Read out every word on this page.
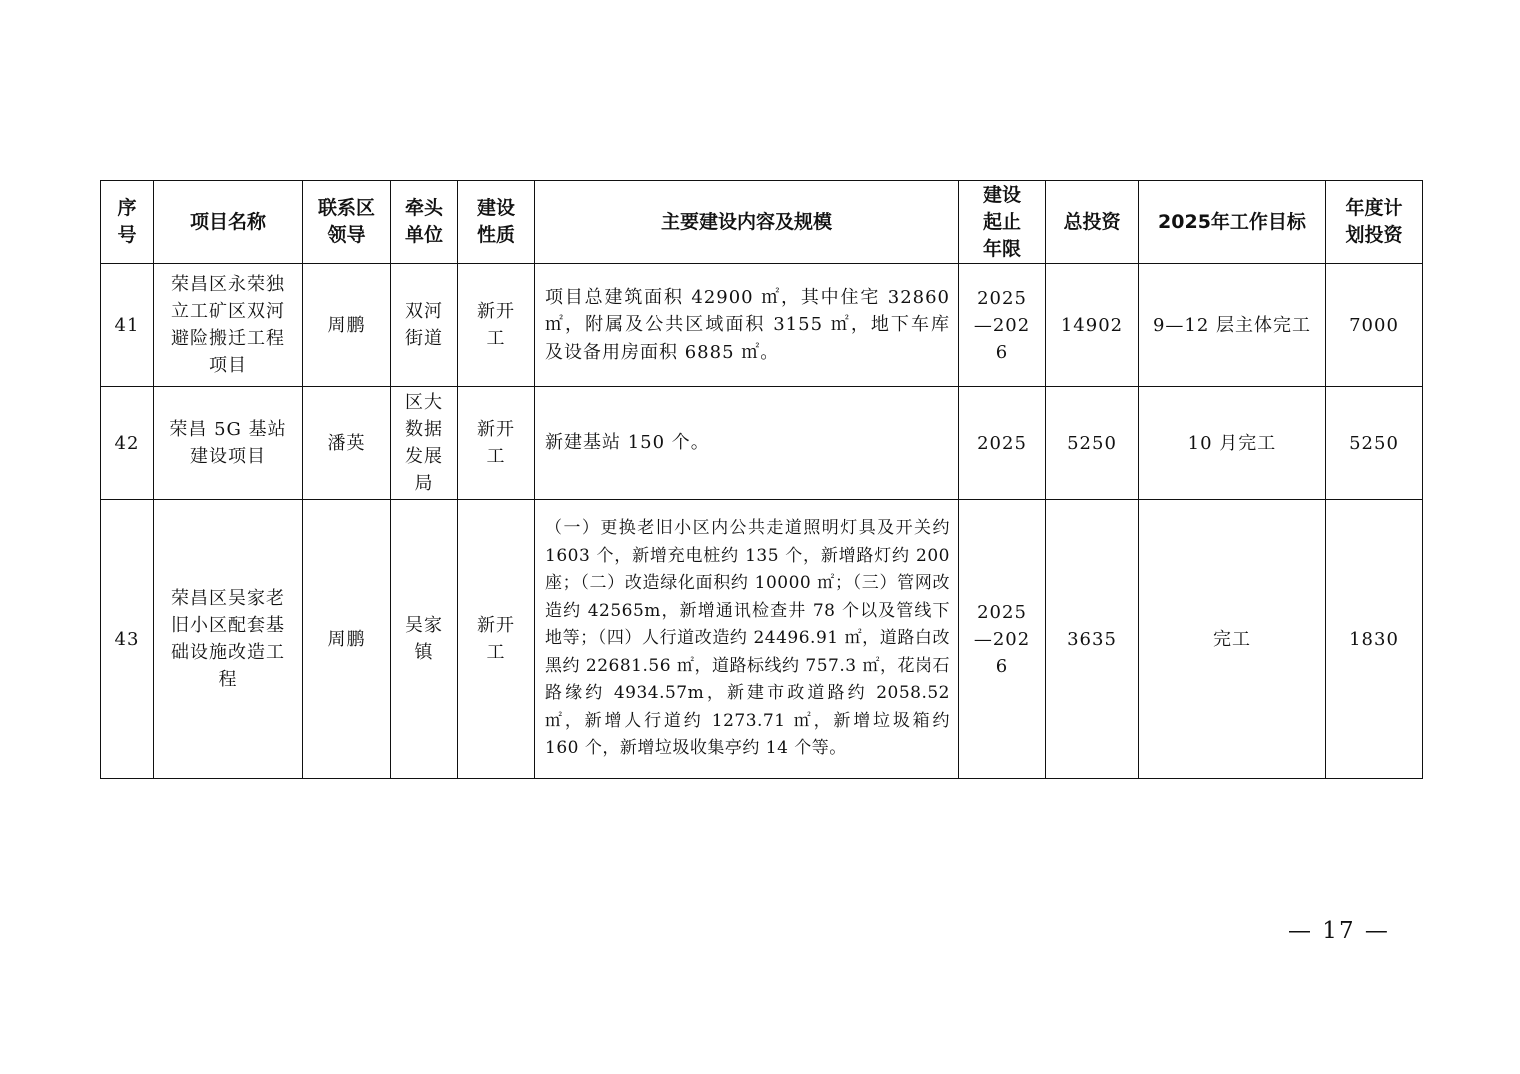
序号	项目名称	联系区领导	牵头单位	建设性质	主要建设内容及规模	建设起止年限	总投资	2025年工作目标	年度计划投资
41	荣昌区永荣独立工矿区双河避险搬迁工程项目	周鹏	双河街道	新开工	项目总建筑面积 42900 ㎡，其中住宅 32860 ㎡，附属及公共区域面积 3155 ㎡，地下车库及设备用房面积 6885 ㎡。	2025—2026	14902	9—12 层主体完工	7000
42	荣昌 5G 基站建设项目	潘英	区大数据发展局	新开工	新建基站 150 个。	2025	5250	10 月完工	5250
43	荣昌区吴家老旧小区配套基础设施改造工程	周鹏	吴家镇	新开工	（一）更换老旧小区内公共走道照明灯具及开关约 1603 个，新增充电桩约 135 个，新增路灯约 200 座；（二）改造绿化面积约 10000 ㎡；（三）管网改造约 42565m，新增通讯检查井 78 个以及管线下地等；（四）人行道改造约 24496.91 ㎡，道路白改黑约 22681.56 ㎡，道路标线约 757.3 ㎡，花岗石路缘约 4934.57m，新建市政道路约 2058.52 ㎡，新增人行道约 1273.71 ㎡，新增垃圾箱约 160 个，新增垃圾收集亭约 14 个等。	2025—2026	3635	完工	1830
— 17 —
